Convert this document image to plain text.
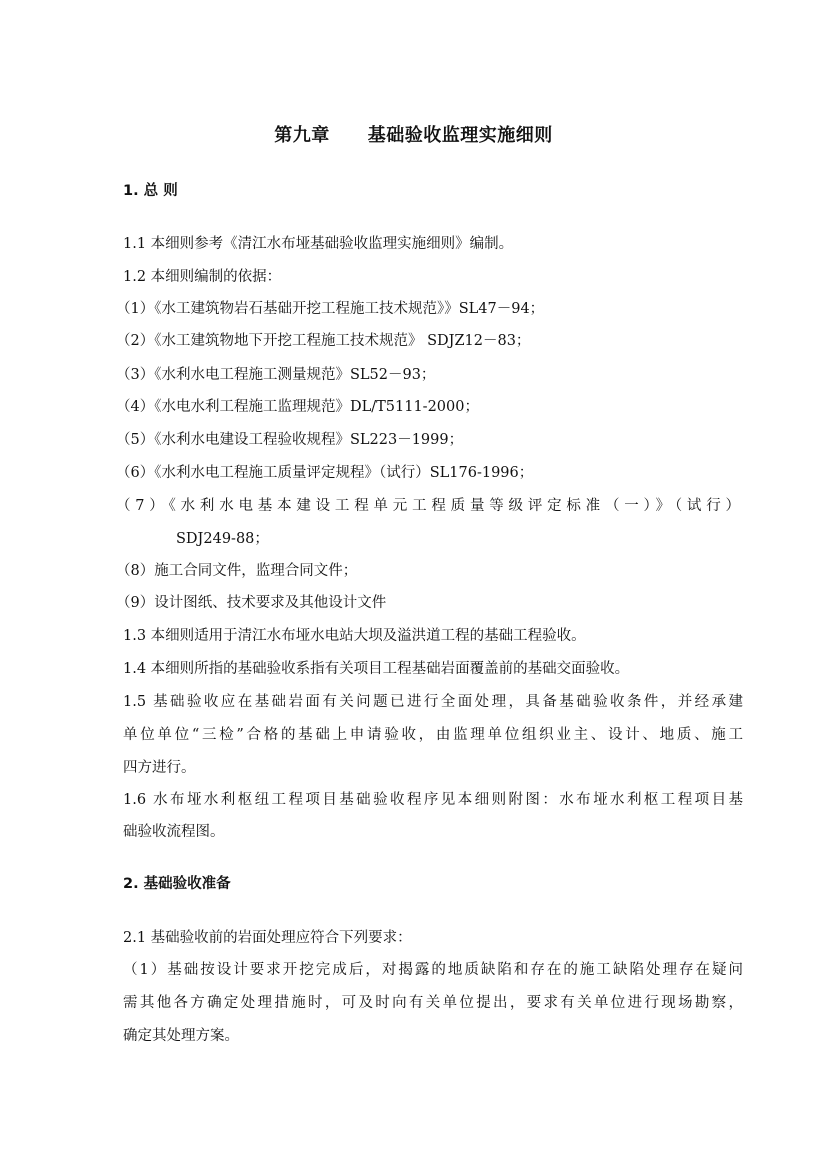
第九章 基础验收监理实施细则
1. 总 则
1.1 本细则参考《清江水布垭基础验收监理实施细则》编制。
1.2 本细则编制的依据：
（1）《水工建筑物岩石基础开挖工程施工技术规范》》SL47－94；
（2）《水工建筑物地下开挖工程施工技术规范》 SDJZ12－83；
（3）《水利水电工程施工测量规范》SL52－93；
（4）《水电水利工程施工监理规范》DL/T5111-2000；
（5）《水利水电建设工程验收规程》SL223－1999；
（6）《水利水电工程施工质量评定规程》（试行）SL176-1996；
（7）《水利水电基本建设工程单元工程质量等级评定标准（一）》（试行）
SDJ249-88；
（8）施工合同文件，监理合同文件；
（9）设计图纸、技术要求及其他设计文件
1.3 本细则适用于清江水布垭水电站大坝及溢洪道工程的基础工程验收。
1.4 本细则所指的基础验收系指有关项目工程基础岩面覆盖前的基础交面验收。
1.5 基础验收应在基础岩面有关问题已进行全面处理，具备基础验收条件，并经承建
单位单位“三检”合格的基础上申请验收，由监理单位组织业主、设计、地质、施工
四方进行。
1.6 水布垭水利枢纽工程项目基础验收程序见本细则附图：水布垭水利枢工程项目基
础验收流程图。
2. 基础验收准备
2.1 基础验收前的岩面处理应符合下列要求：
（1）基础按设计要求开挖完成后，对揭露的地质缺陷和存在的施工缺陷处理存在疑问
需其他各方确定处理措施时，可及时向有关单位提出，要求有关单位进行现场勘察，
确定其处理方案。
